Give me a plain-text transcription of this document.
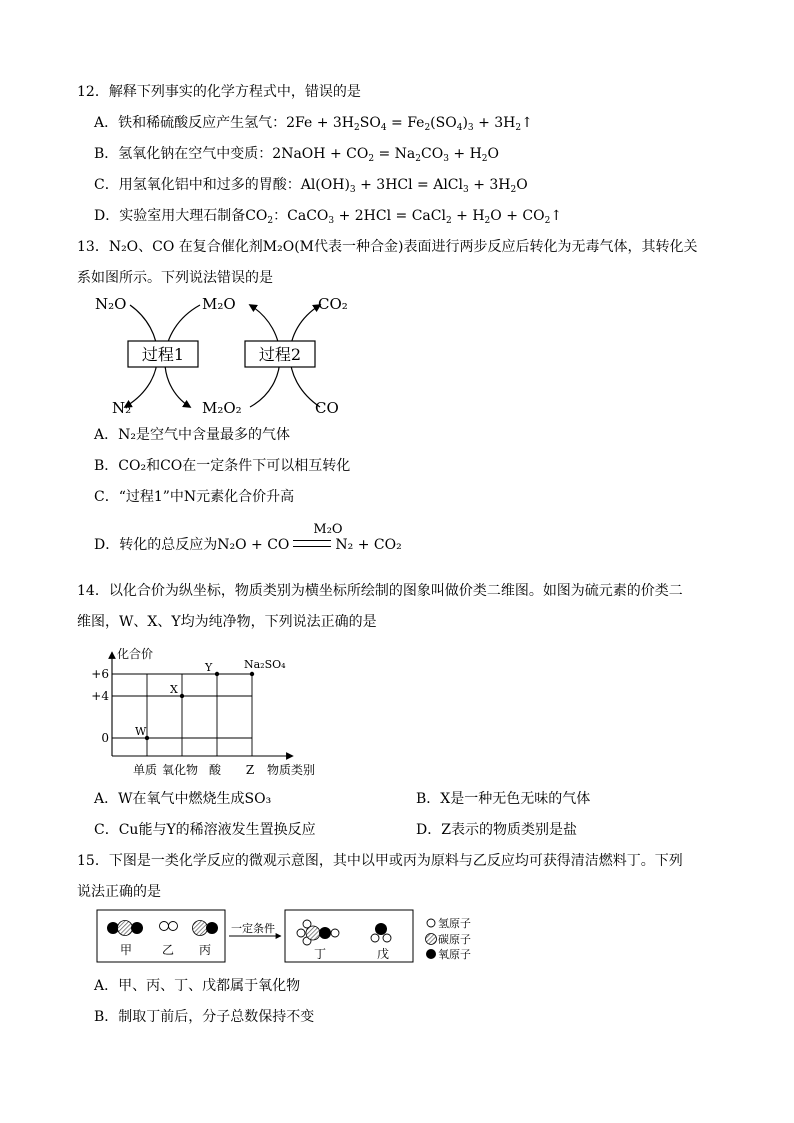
12．解释下列事实的化学方程式中，错误的是
A．铁和稀硫酸反应产生氢气：$2Fe + 3H_2SO_4 = Fe_2(SO_4)_3$ + $3H_2↑$
B．氢氧化钠在空气中变质：2NaOH + $CO_2 = Na_2CO_3 + H_2O$
C．用氢氧化铝中和过多的胃酸：$Al(OH)_3 + 3HCl$ = AlCl$_3$ + $3H_2O$
D．实验室用大理石制备$CO_2$：CaCO$_3$ + 2HCl = CaCl$_2$ + $H_2O$ + $CO_2↑$
13．N₂O、CO 在复合催化剂M₂O(M代表一种合金)表面进行两步反应后转化为无毒气体，其转化关
系如图所示。下列说法错误的是
过程1	过程2
N₂O	M₂O	CO₂
N₂	M₂O₂	CO
A．N₂是空气中含量最多的气体
B．CO₂和CO在一定条件下可以相互转化
C．“过程1”中N元素化合价升高
D．转化的总反应为N₂O + CO
M₂O
N₂ + CO₂
14．以化合价为纵坐标，物质类别为横坐标所绘制的图象叫做价类二维图。如图为硫元素的价类二
维图，W、X、Y均为纯净物，下列说法正确的是
化合价
物质类别
+6
+4
0
单质 氧化物 酸 Z
W
X
Y	Na₂SO₄
A．W在氧气中燃烧生成SO₃	B．X是一种无色无味的气体
C．Cu能与Y的稀溶液发生置换反应	D．Z表示的物质类别是盐
15．下图是一类化学反应的微观示意图，其中以甲或丙为原料与乙反应均可获得清洁燃料丁。下列
说法正确的是
甲 乙 丙
一定条件
丁	戊
氢原子
碳原子
氧原子
A．甲、丙、丁、戊都属于氧化物
B．制取丁前后，分子总数保持不变
